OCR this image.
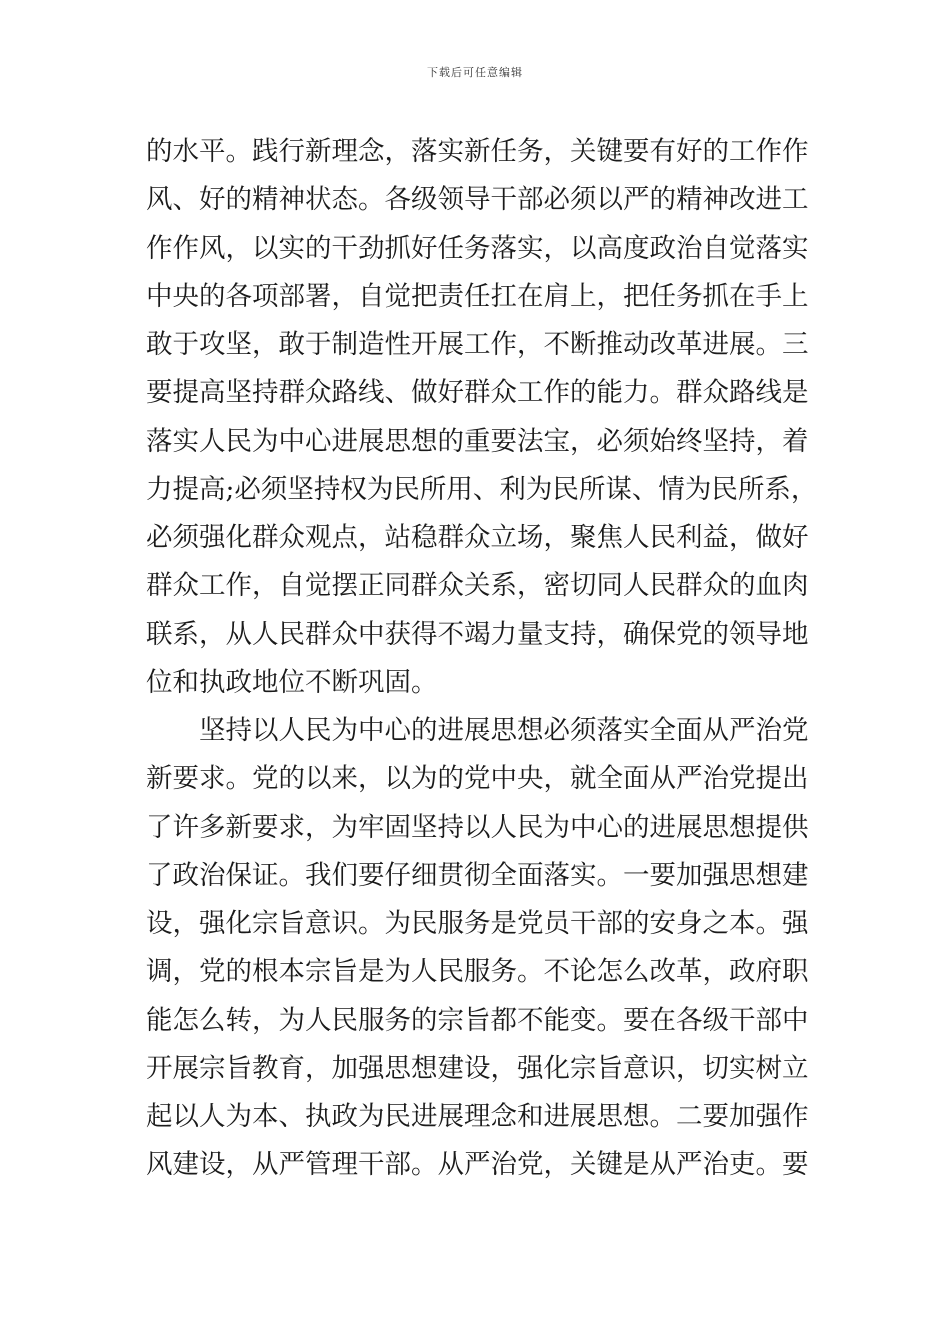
下载后可任意编辑
的水平。践行新理念，落实新任务，关键要有好的工作作
风、好的精神状态。各级领导干部必须以严的精神改进工
作作风，以实的干劲抓好任务落实，以高度政治自觉落实
中央的各项部署，自觉把责任扛在肩上，把任务抓在手上
敢于攻坚，敢于制造性开展工作，不断推动改革进展。三
要提高坚持群众路线、做好群众工作的能力。群众路线是
落实人民为中心进展思想的重要法宝，必须始终坚持，着
力提高;必须坚持权为民所用、利为民所谋、情为民所系，
必须强化群众观点，站稳群众立场，聚焦人民利益，做好
群众工作，自觉摆正同群众关系，密切同人民群众的血肉
联系，从人民群众中获得不竭力量支持，确保党的领导地
位和执政地位不断巩固。
　　坚持以人民为中心的进展思想必须落实全面从严治党
新要求。党的以来，以为的党中央，就全面从严治党提出
了许多新要求，为牢固坚持以人民为中心的进展思想提供
了政治保证。我们要仔细贯彻全面落实。一要加强思想建
设，强化宗旨意识。为民服务是党员干部的安身之本。强
调，党的根本宗旨是为人民服务。不论怎么改革，政府职
能怎么转，为人民服务的宗旨都不能变。要在各级干部中
开展宗旨教育，加强思想建设，强化宗旨意识，切实树立
起以人为本、执政为民进展理念和进展思想。二要加强作
风建设，从严管理干部。从严治党，关键是从严治吏。要
